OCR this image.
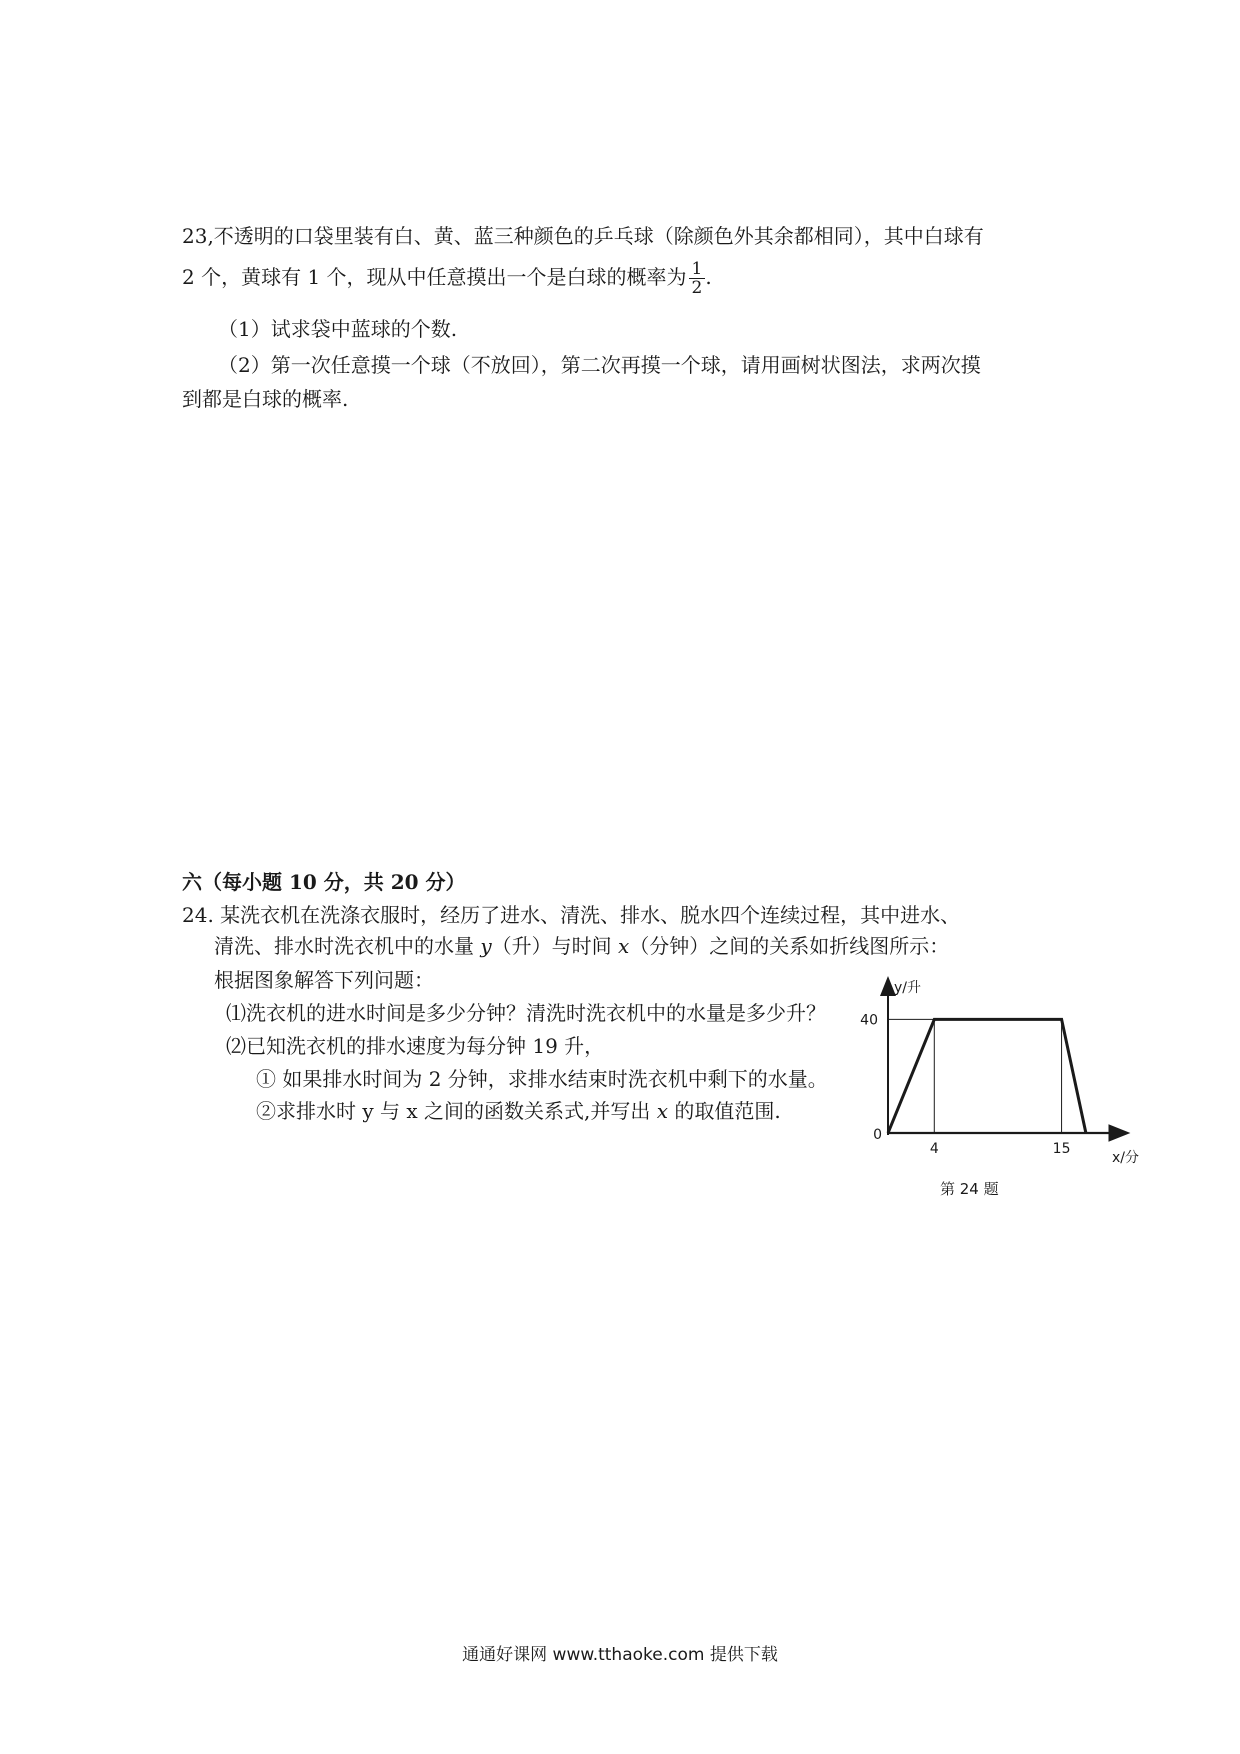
23,不透明的口袋里装有白、黄、蓝三种颜色的乒乓球（除颜色外其余都相同），其中白球有
2 个，黄球有 1 个，现从中任意摸出一个是白球的概率为 $\frac{1}{2}$ .
（1）试求袋中蓝球的个数.
（2）第一次任意摸一个球（不放回），第二次再摸一个球，请用画树状图法，求两次摸
到都是白球的概率.
六（每小题 10 分，共 20 分）
24. 某洗衣机在洗涤衣服时，经历了进水、清洗、排水、脱水四个连续过程，其中进水、
清洗、排水时洗衣机中的水量 y（升）与时间 x（分钟）之间的关系如折线图所示：
根据图象解答下列问题：
⑴洗衣机的进水时间是多少分钟？清洗时洗衣机中的水量是多少升？
⑵已知洗衣机的排水速度为每分钟 19 升，
① 如果排水时间为 2 分钟，求排水结束时洗衣机中剩下的水量。
②求排水时 y 与 x 之间的函数关系式,并写出 x 的取值范围.
y/升
x/分
40
0
4	15
第 24 题
通通好课网 www.tthaoke.com 提供下载
